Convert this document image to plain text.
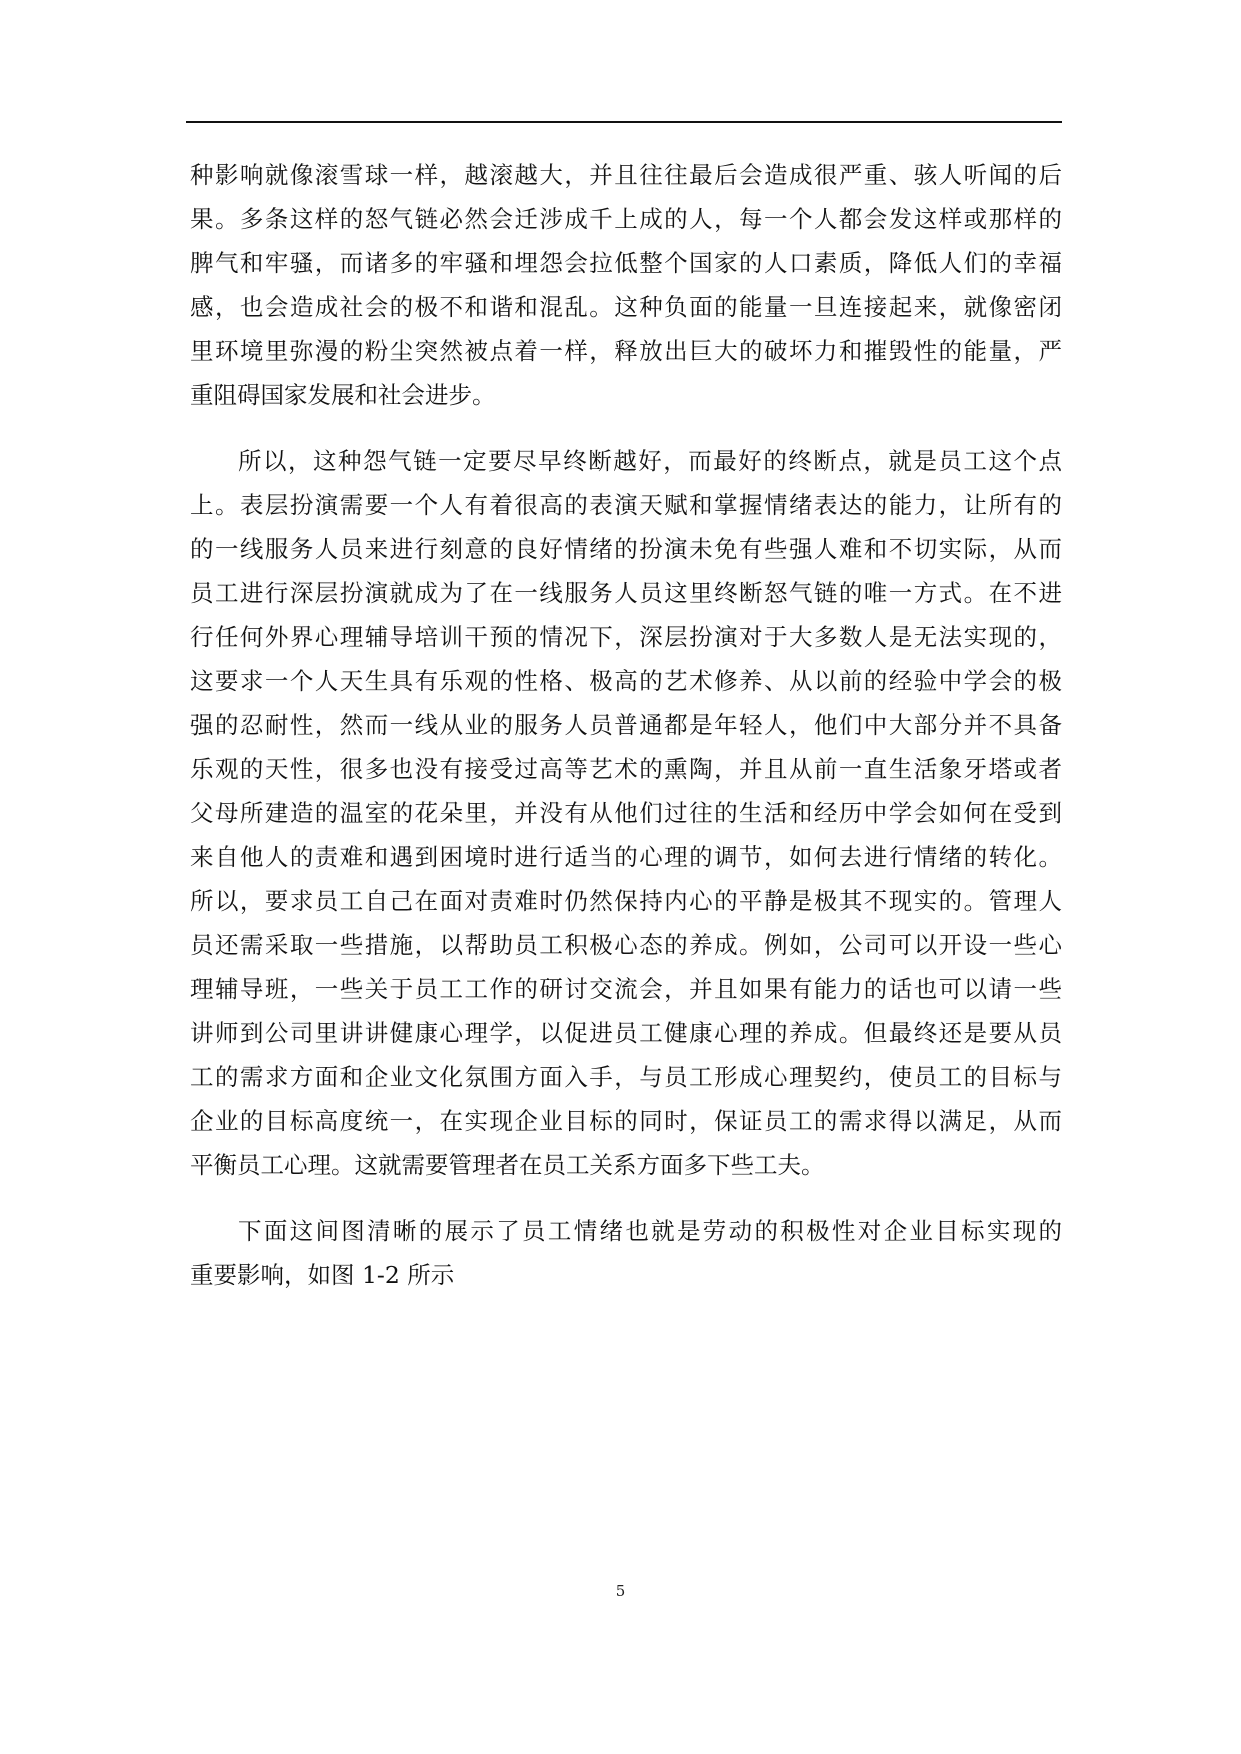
种影响就像滚雪球一样，越滚越大，并且往往最后会造成很严重、骇人听闻的后
果。多条这样的怒气链必然会迁涉成千上成的人，每一个人都会发这样或那样的
脾气和牢骚，而诸多的牢骚和埋怨会拉低整个国家的人口素质，降低人们的幸福
感，也会造成社会的极不和谐和混乱。这种负面的能量一旦连接起来，就像密闭
里环境里弥漫的粉尘突然被点着一样，释放出巨大的破坏力和摧毁性的能量，严
重阻碍国家发展和社会进步。
所以，这种怨气链一定要尽早终断越好，而最好的终断点，就是员工这个点
上。表层扮演需要一个人有着很高的表演天赋和掌握情绪表达的能力，让所有的
的一线服务人员来进行刻意的良好情绪的扮演未免有些强人难和不切实际，从而
员工进行深层扮演就成为了在一线服务人员这里终断怒气链的唯一方式。在不进
行任何外界心理辅导培训干预的情况下，深层扮演对于大多数人是无法实现的，
这要求一个人天生具有乐观的性格、极高的艺术修养、从以前的经验中学会的极
强的忍耐性，然而一线从业的服务人员普通都是年轻人，他们中大部分并不具备
乐观的天性，很多也没有接受过高等艺术的熏陶，并且从前一直生活象牙塔或者
父母所建造的温室的花朵里，并没有从他们过往的生活和经历中学会如何在受到
来自他人的责难和遇到困境时进行适当的心理的调节，如何去进行情绪的转化。
所以，要求员工自己在面对责难时仍然保持内心的平静是极其不现实的。管理人
员还需采取一些措施，以帮助员工积极心态的养成。例如，公司可以开设一些心
理辅导班，一些关于员工工作的研讨交流会，并且如果有能力的话也可以请一些
讲师到公司里讲讲健康心理学，以促进员工健康心理的养成。但最终还是要从员
工的需求方面和企业文化氛围方面入手，与员工形成心理契约，使员工的目标与
企业的目标高度统一，在实现企业目标的同时，保证员工的需求得以满足，从而
平衡员工心理。这就需要管理者在员工关系方面多下些工夫。
下面这间图清晰的展示了员工情绪也就是劳动的积极性对企业目标实现的
重要影响，如图 1-2 所示
5
